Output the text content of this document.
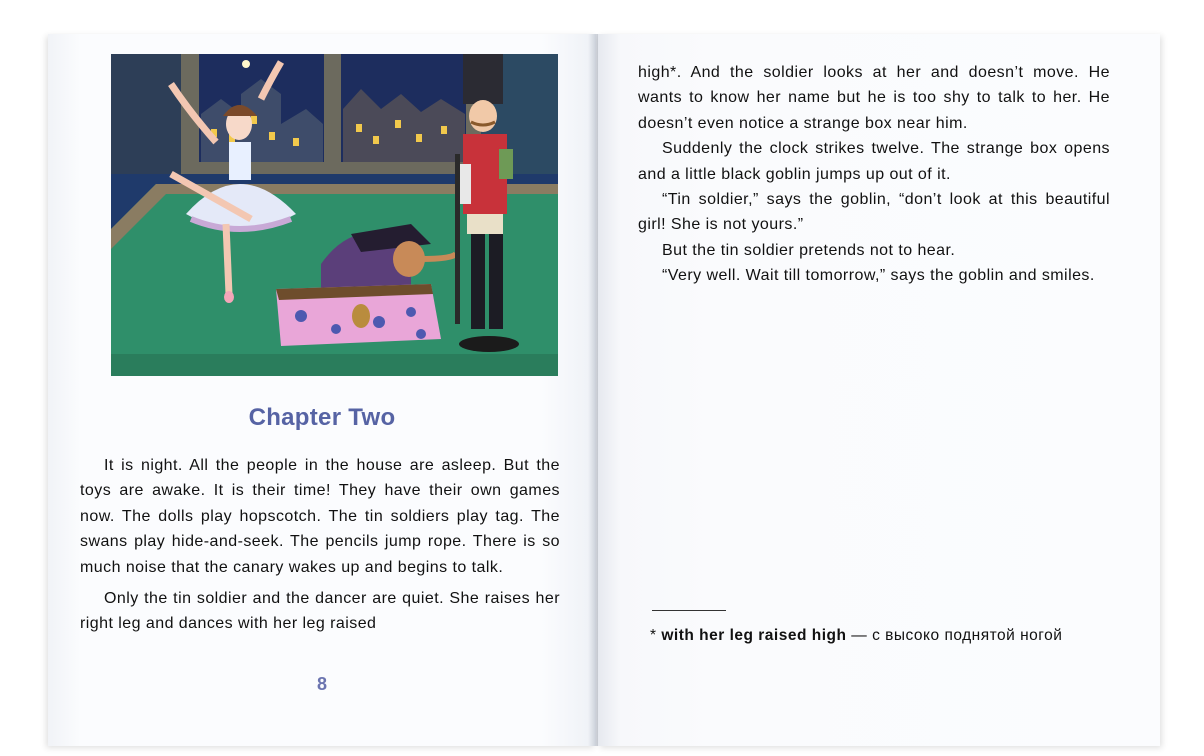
Chapter Two

It is night. All the people in the house are asleep. But the toys are awake. It is their time! They have their own games now. The dolls play hopscotch. The tin soldiers play tag. The swans play hide-and-seek. The pencils jump rope. There is so much noise that the canary wakes up and begins to talk.

Only the tin soldier and the dancer are quiet. She raises her right leg and dances with her leg raised

8

high*. And the soldier looks at her and doesn’t move. He wants to know her name but he is too shy to talk to her. He doesn’t even notice a strange box near him.

Suddenly the clock strikes twelve. The strange box opens and a little black goblin jumps up out of it.

“Tin soldier,” says the goblin, “don’t look at this beautiful girl! She is not yours.”

But the tin soldier pretends not to hear.

“Very well. Wait till tomorrow,” says the goblin and smiles.

* with her leg raised high — с высоко поднятой ногой
